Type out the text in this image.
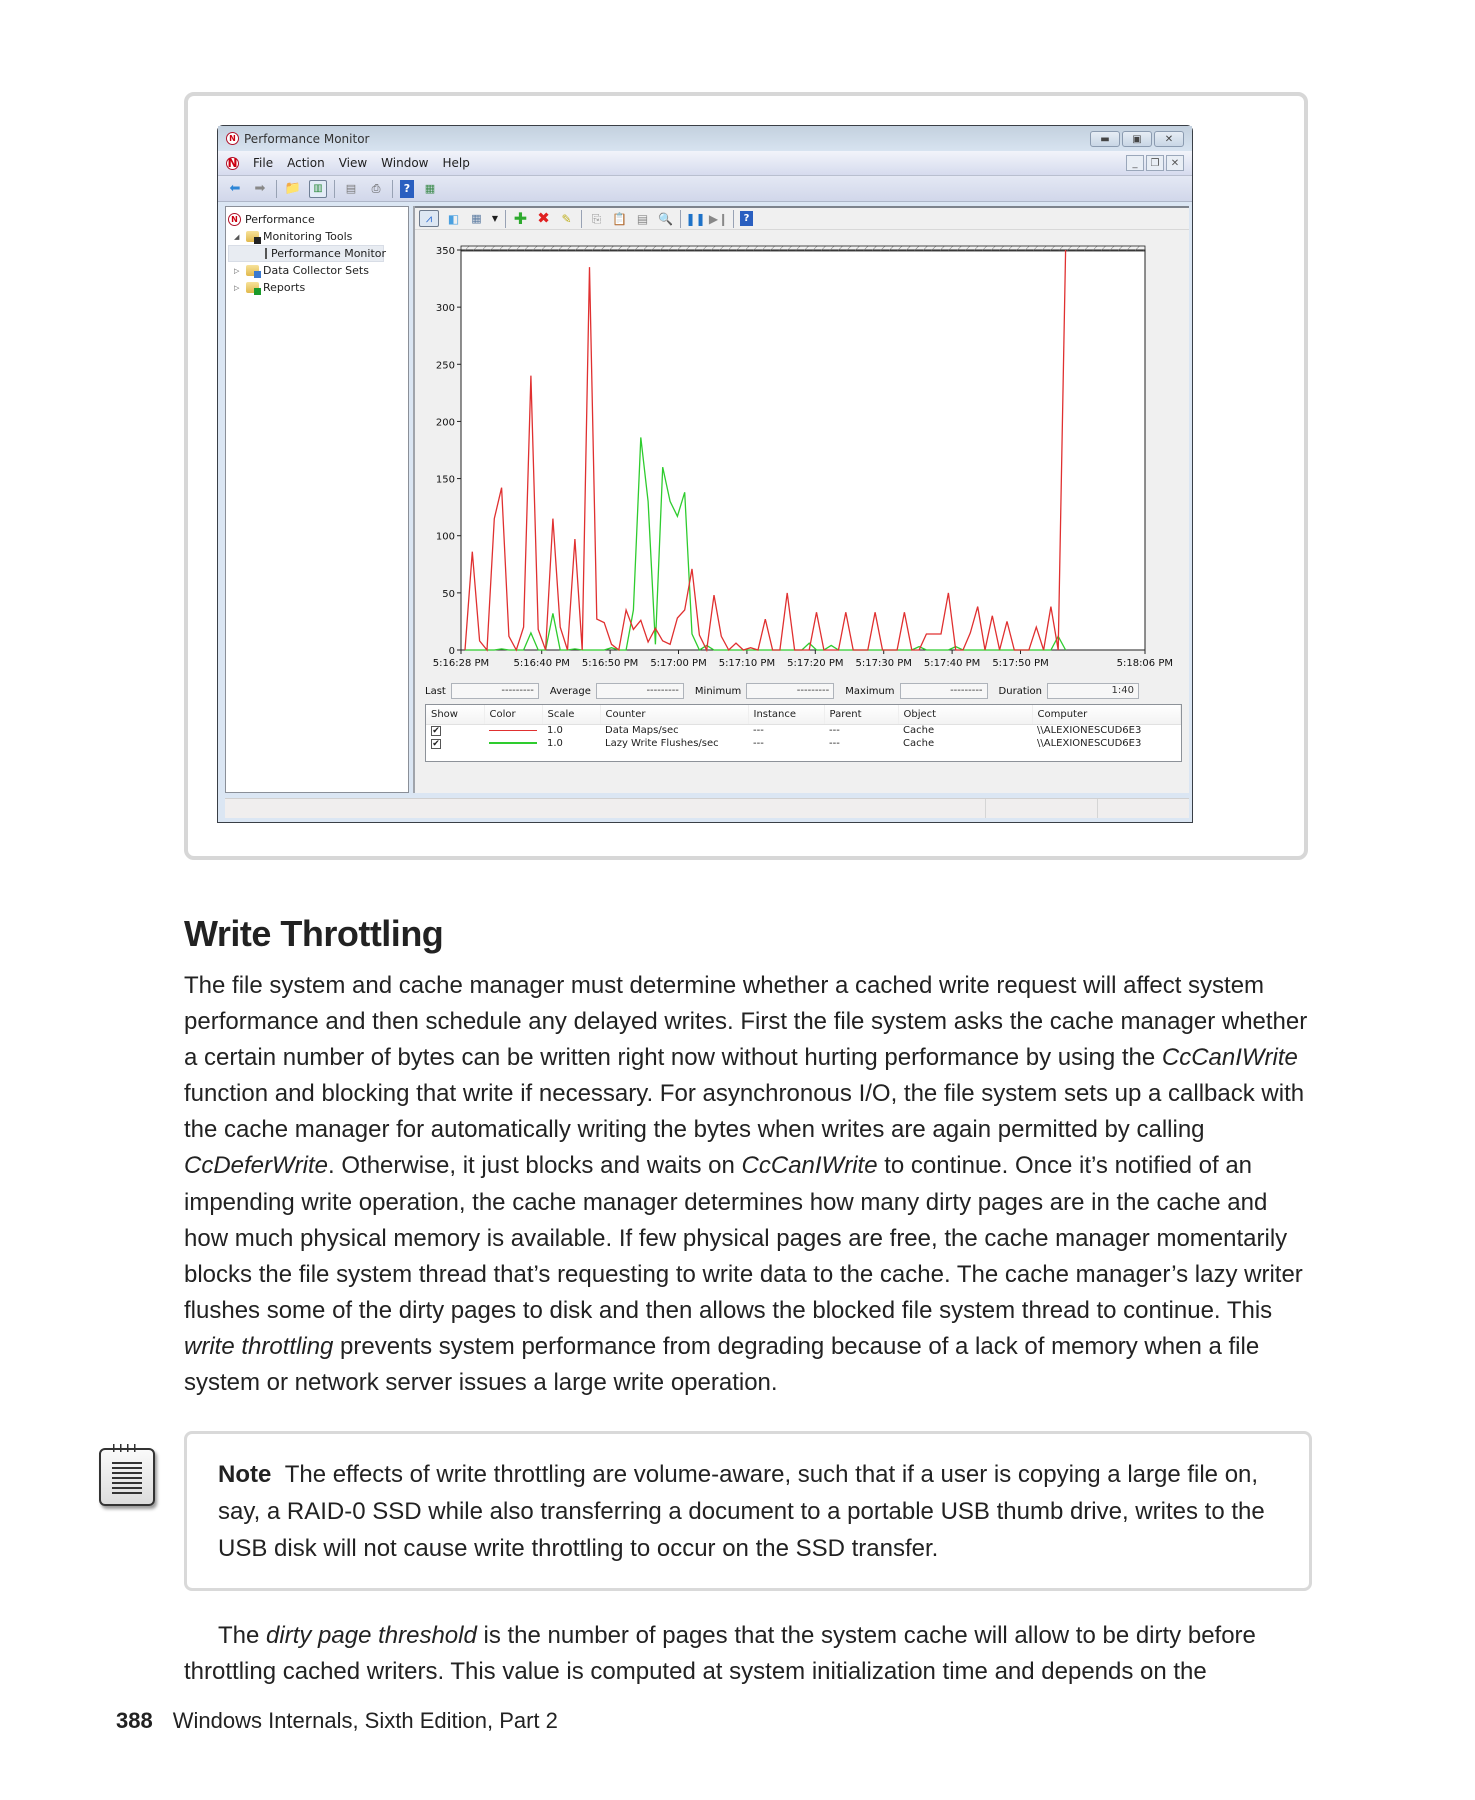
N Performance Monitor	▬	▣	✕
N File Action View Window Help	_	❐	✕
⬅ ➡ 📁	▥	▤	⎙	?	▦
N Performance
◢ Monitoring Tools
Performance Monitor
▷ Data Collector Sets
▷ Reports
⩘	◧ ▦	▼ ✚ ✖ ✎	⎘ 📋 ▤ 🔍 ❚❚ ▶❙	?
0
50
100
150
200
250
300
350
5:16:28 PM 5:16:40 PM 5:16:50 PM 5:17:00 PM 5:17:10 PM 5:17:20 PM 5:17:30 PM 5:17:40 PM 5:17:50 PM	5:18:06 PM
Last	---------	Average	---------	Minimum	---------	Maximum	---------	Duration	1:40
Show	Color	Scale	Counter	Instance	Parent	Object	Computer
✔		1.0	Data Maps/sec	---	---	Cache	\\ALEXIONESCUD6E3
✔		1.0	Lazy Write Flushes/sec	---	---	Cache	\\ALEXIONESCUD6E3
Write Throttling
The file system and cache manager must determine whether a cached write request will affect system performance and then schedule any delayed writes. First the file system asks the cache manager whether a certain number of bytes can be written right now without hurting performance by using the CcCanIWrite function and blocking that write if necessary. For asynchronous I/O, the file system sets up a callback with the cache manager for automatically writing the bytes when writes are again permitted by calling CcDeferWrite. Otherwise, it just blocks and waits on CcCanIWrite to continue. Once it’s notified of an impending write operation, the cache manager determines how many dirty pages are in the cache and how much physical memory is available. If few physical pages are free, the cache manager momentarily blocks the file system thread that’s requesting to write data to the cache. The cache manager’s lazy writer flushes some of the dirty pages to disk and then allows the blocked file system thread to continue. This write throttling prevents system performance from degrading because of a lack of memory when a file system or network server issues a large write operation.
Note The effects of write throttling are volume-aware, such that if a user is copying a large file on, say, a RAID-0 SSD while also transferring a document to a portable USB thumb drive, writes to the USB disk will not cause write throttling to occur on the SSD transfer.
The dirty page threshold is the number of pages that the system cache will allow to be dirty before throttling cached writers. This value is computed at system initialization time and depends on the
388 Windows Internals, Sixth Edition, Part 2
